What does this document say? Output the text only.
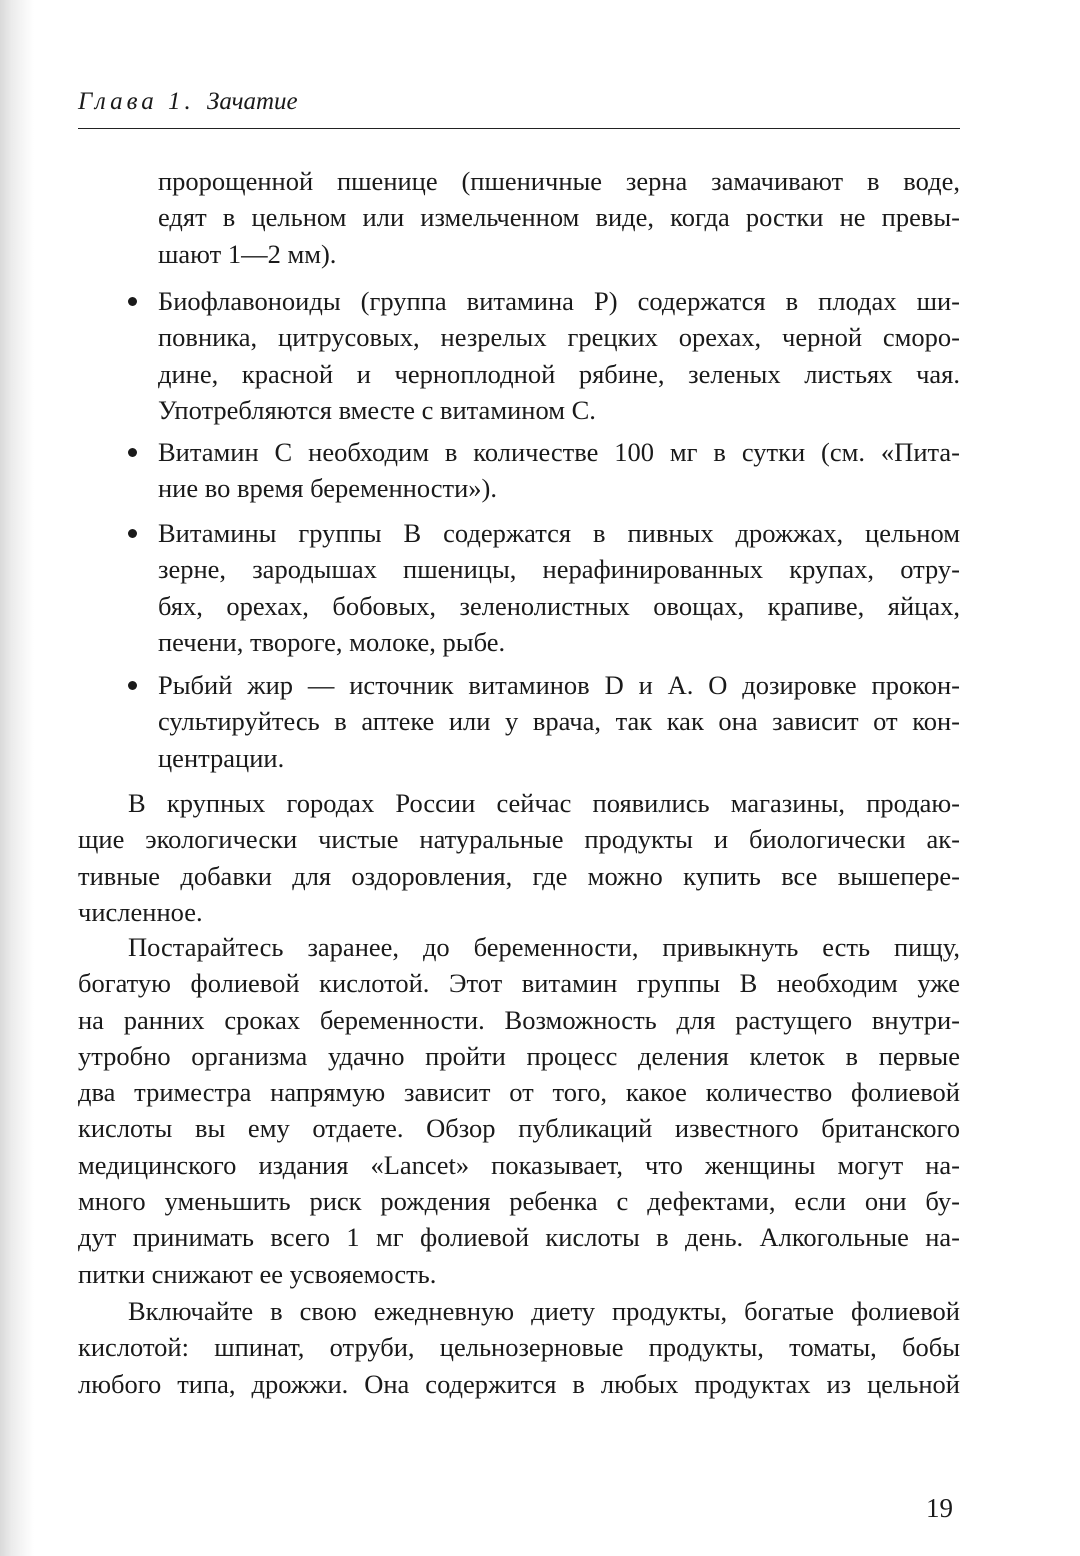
Глава 1. Зачатие
пророщенной пшенице (пшеничные зерна замачивают в воде,
едят в цельном или измельченном виде, когда ростки не превы-
шают 1—2 мм).
Биофлавоноиды (группа витамина Р) содержатся в плодах ши-
повника, цитрусовых, незрелых грецких орехах, черной сморо-
дине, красной и черноплодной рябине, зеленых листьях чая.
Употребляются вместе с витамином С.
Витамин С необходим в количестве 100 мг в сутки (см. «Пита-
ние во время беременности»).
Витамины группы В содержатся в пивных дрожжах, цельном
зерне, зародышах пшеницы, нерафинированных крупах, отру-
бях, орехах, бобовых, зеленолистных овощах, крапиве, яйцах,
печени, твороге, молоке, рыбе.
Рыбий жир — источник витаминов D и А. О дозировке прокон-
сультируйтесь в аптеке или у врача, так как она зависит от кон-
центрации.
В крупных городах России сейчас появились магазины, продаю-
щие экологически чистые натуральные продукты и биологически ак-
тивные добавки для оздоровления, где можно купить все вышепере-
численное.
Постарайтесь заранее, до беременности, привыкнуть есть пищу,
богатую фолиевой кислотой. Этот витамин группы В необходим уже
на ранних сроках беременности. Возможность для растущего внутри-
утробно организма удачно пройти процесс деления клеток в первые
два триместра напрямую зависит от того, какое количество фолиевой
кислоты вы ему отдаете. Обзор публикаций известного британского
медицинского издания «Lancet» показывает, что женщины могут на-
много уменьшить риск рождения ребенка с дефектами, если они бу-
дут принимать всего 1 мг фолиевой кислоты в день. Алкогольные на-
питки снижают ее усвояемость.
Включайте в свою ежедневную диету продукты, богатые фолиевой
кислотой: шпинат, отруби, цельнозерновые продукты, томаты, бобы
любого типа, дрожжи. Она содержится в любых продуктах из цельной
19
